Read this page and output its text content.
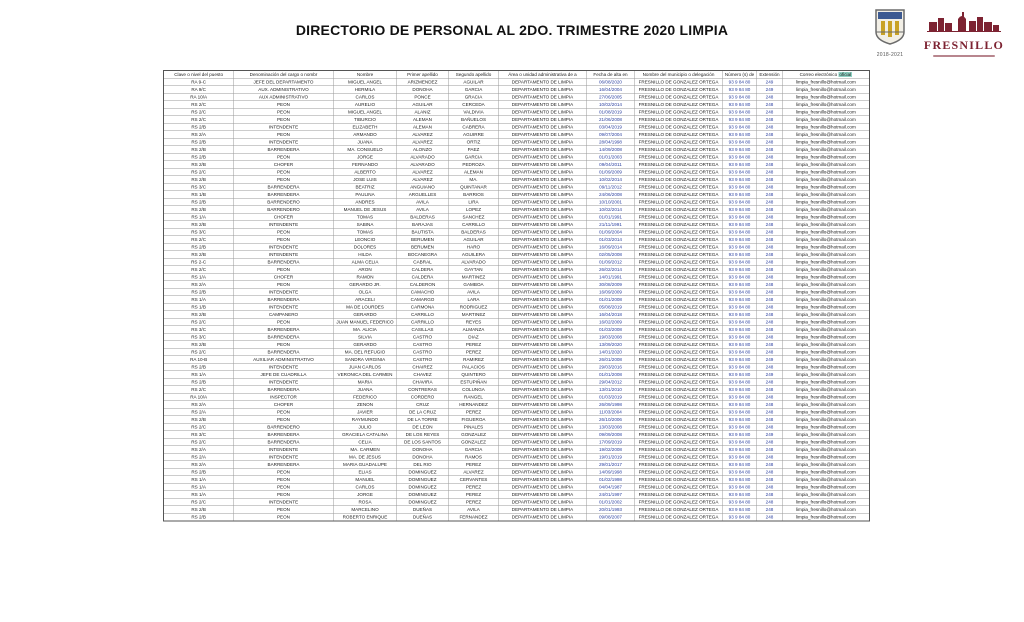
DIRECTORIO DE PERSONAL AL 2DO. TRIMESTRE 2020 LIMPIA
2018-2021
FRESNILLO
Clave o nivel del puesto	Denominación del cargo o nombr	Nombre	Primer apellido	Segundo apellido	Área o unidad administrativa de a	Fecha de alta en	Nombre del municipio o delegación	Número (s) de	Extensión	Correo electrónico oficial
RA 9-C	JEFE DEL DEPARTAMENTO	MIGUEL ANGEL	ARIZMENDEZ	AGUILAR	DEPARTAMENTO DE LIMPIA	06/08/2020	FRESNILLO DE GONZALEZ ORTEGA	93 9 84 80	249	limpia_fresnillo@hotmail.com
RA 9/C	AUX. ADMINISTRATIVO	HERMILA	DONOHA	GARCIA	DEPARTAMENTO DE LIMPIA	16/04/2004	FRESNILLO DE GONZALEZ ORTEGA	93 9 84 80	249	limpia_fresnillo@hotmail.com
RA 10/A	AUX ADMINISTRATIVO	CARLOS	PONCE	GRACIA	DEPARTAMENTO DE LIMPIA	27/06/2005	FRESNILLO DE GONZALEZ ORTEGA	93 9 84 80	248	limpia_fresnillo@hotmail.com
RS 2/C	PEON	AURELIO	AGUILAR	CERCEDA	DEPARTAMENTO DE LIMPIA	10/02/2014	FRESNILLO DE GONZALEZ ORTEGA	93 9 84 80	248	limpia_fresnillo@hotmail.com
RS 2/C	PEON	MIGUEL ANGEL	ALANIZ	VALDIVIA	DEPARTAMENTO DE LIMPIA	01/08/2019	FRESNILLO DE GONZALEZ ORTEGA	93 9 84 80	248	limpia_fresnillo@hotmail.com
RS 2/C	PEON	TIBURCIO	ALEMAN	BAÑUELOS	DEPARTAMENTO DE LIMPIA	21/06/2008	FRESNILLO DE GONZALEZ ORTEGA	93 9 84 80	248	limpia_fresnillo@hotmail.com
RS 2/B	INTENDENTE	ELIZABETH	ALEMAN	CABRERA	DEPARTAMENTO DE LIMPIA	03/04/2019	FRESNILLO DE GONZALEZ ORTEGA	93 9 84 80	248	limpia_fresnillo@hotmail.com
RS 2/A	PEON	ARMANDO	ALVAREZ	AGUIRRE	DEPARTAMENTO DE LIMPIA	09/07/2004	FRESNILLO DE GONZALEZ ORTEGA	93 9 84 80	248	limpia_fresnillo@hotmail.com
RS 2/B	INTENDENTE	JUANA	ALVAREZ	ORTIZ	DEPARTAMENTO DE LIMPIA	28/04/1998	FRESNILLO DE GONZALEZ ORTEGA	93 9 84 80	248	limpia_fresnillo@hotmail.com
RS 2/B	BARRENDERA	MA. CONSUELO	ALONZO	PAEZ	DEPARTAMENTO DE LIMPIA	14/09/2008	FRESNILLO DE GONZALEZ ORTEGA	93 9 84 80	248	limpia_fresnillo@hotmail.com
RS 2/B	PEON	JORGE	ALVARADO	GARCIA	DEPARTAMENTO DE LIMPIA	01/01/2003	FRESNILLO DE GONZALEZ ORTEGA	93 9 84 80	248	limpia_fresnillo@hotmail.com
RS 2/B	CHOFER	FERNANDO	ALVARADO	PEDROZA	DEPARTAMENTO DE LIMPIA	09/04/2011	FRESNILLO DE GONZALEZ ORTEGA	93 9 84 80	248	limpia_fresnillo@hotmail.com
RS 2/C	PEON	ALBERTO	ALVAREZ	ALEMAN	DEPARTAMENTO DE LIMPIA	01/09/2009	FRESNILLO DE GONZALEZ ORTEGA	93 9 84 80	248	limpia_fresnillo@hotmail.com
RS 2/B	PEON	JOSE LUIS	ALVAREZ	MA.	DEPARTAMENTO DE LIMPIA	10/02/2014	FRESNILLO DE GONZALEZ ORTEGA	93 9 84 80	248	limpia_fresnillo@hotmail.com
RS 3/C	BARRENDERA	BEATRIZ	ANGUIANO	QUINTANAR	DEPARTAMENTO DE LIMPIA	09/11/2012	FRESNILLO DE GONZALEZ ORTEGA	93 9 84 80	248	limpia_fresnillo@hotmail.com
RS 1/B	BARRENDERA	PAULINA	ARGUELLES	BARRIOS	DEPARTAMENTO DE LIMPIA	24/06/2008	FRESNILLO DE GONZALEZ ORTEGA	93 9 84 80	248	limpia_fresnillo@hotmail.com
RS 2/B	BARRENDERO	ANDRES	AVILA	LIRA	DEPARTAMENTO DE LIMPIA	10/10/2001	FRESNILLO DE GONZALEZ ORTEGA	93 9 84 80	248	limpia_fresnillo@hotmail.com
RS 2/B	BARRENDERO	MANUEL DE JESUS	AVILA	LOPEZ	DEPARTAMENTO DE LIMPIA	10/02/2014	FRESNILLO DE GONZALEZ ORTEGA	93 9 84 80	248	limpia_fresnillo@hotmail.com
RS 1/A	CHOFER	TOMAS	BALDERAS	SANCHEZ	DEPARTAMENTO DE LIMPIA	01/01/1991	FRESNILLO DE GONZALEZ ORTEGA	93 9 84 80	248	limpia_fresnillo@hotmail.com
RS 2/B	INTENDENTE	SABINA	BARAJAS	CARRILLO	DEPARTAMENTO DE LIMPIA	21/11/1991	FRESNILLO DE GONZALEZ ORTEGA	93 9 84 80	248	limpia_fresnillo@hotmail.com
RS 3/C	PEON	TOMAS	BAUTISTA	BALDERAS	DEPARTAMENTO DE LIMPIA	01/09/2004	FRESNILLO DE GONZALEZ ORTEGA	93 9 84 80	248	limpia_fresnillo@hotmail.com
RS 2/C	PEON	LEONCIO	BERUMEN	AGUILAR	DEPARTAMENTO DE LIMPIA	01/03/2014	FRESNILLO DE GONZALEZ ORTEGA	93 9 84 80	248	limpia_fresnillo@hotmail.com
RS 2/B	INTENDENTE	DOLORES	BERUMEN	HARO	DEPARTAMENTO DE LIMPIA	16/09/2014	FRESNILLO DE GONZALEZ ORTEGA	93 9 84 80	248	limpia_fresnillo@hotmail.com
RS 2/B	INTENDENTE	HILDA	BOCANEGRA	AGUILERA	DEPARTAMENTO DE LIMPIA	02/05/2008	FRESNILLO DE GONZALEZ ORTEGA	93 9 84 80	248	limpia_fresnillo@hotmail.com
RS 2-C	BARRENDERA	ALMA CELIA	CABRAL	ALVARADO	DEPARTAMENTO DE LIMPIA	01/09/2012	FRESNILLO DE GONZALEZ ORTEGA	93 9 84 80	248	limpia_fresnillo@hotmail.com
RS 2/C	PEON	ARON	CALDERA	GAYTAN	DEPARTAMENTO DE LIMPIA	26/02/2014	FRESNILLO DE GONZALEZ ORTEGA	93 9 84 80	248	limpia_fresnillo@hotmail.com
RS 1/A	CHOFER	RAMON	CALDERA	MARTINEZ	DEPARTAMENTO DE LIMPIA	14/01/1991	FRESNILLO DE GONZALEZ ORTEGA	93 9 84 80	248	limpia_fresnillo@hotmail.com
RS 2/A	PEON	GERARDO JR.	CALDERON	GAMBOA	DEPARTAMENTO DE LIMPIA	30/08/2009	FRESNILLO DE GONZALEZ ORTEGA	93 9 84 80	248	limpia_fresnillo@hotmail.com
RS 2/B	INTENDENTE	OLGA	CAMACHO	AVILA	DEPARTAMENTO DE LIMPIA	16/09/2009	FRESNILLO DE GONZALEZ ORTEGA	93 9 84 80	248	limpia_fresnillo@hotmail.com
RS 1/A	BARRENDERA	ARACELI	CAMARGO	LARA	DEPARTAMENTO DE LIMPIA	01/01/2008	FRESNILLO DE GONZALEZ ORTEGA	93 9 84 80	248	limpia_fresnillo@hotmail.com
RS 1/B	INTENDENTE	MA DE LOURDES	CARMONA	RODRIGUEZ	DEPARTAMENTO DE LIMPIA	05/08/2019	FRESNILLO DE GONZALEZ ORTEGA	93 9 84 80	248	limpia_fresnillo@hotmail.com
RS 2/B	CAMPANERO	GERARDO	CARRILLO	MARTINEZ	DEPARTAMENTO DE LIMPIA	16/04/2018	FRESNILLO DE GONZALEZ ORTEGA	93 9 84 80	248	limpia_fresnillo@hotmail.com
RS 2/C	PEON	JUAN MANUEL FEDERICO	CARRILLO	REYES	DEPARTAMENTO DE LIMPIA	16/02/2009	FRESNILLO DE GONZALEZ ORTEGA	93 9 84 80	248	limpia_fresnillo@hotmail.com
RS 3/C	BARRENDERA	MA. ALICIA	CASILLAS	ALMANZA	DEPARTAMENTO DE LIMPIA	01/03/2008	FRESNILLO DE GONZALEZ ORTEGA	93 9 84 80	248	limpia_fresnillo@hotmail.com
RS 3/C	BARRENDERA	SILVIA	CASTRO	DIAZ	DEPARTAMENTO DE LIMPIA	19/03/2008	FRESNILLO DE GONZALEZ ORTEGA	93 9 84 80	248	limpia_fresnillo@hotmail.com
RS 2/B	PEON	GERARDO	CASTRO	PEREZ	DEPARTAMENTO DE LIMPIA	13/09/2020	FRESNILLO DE GONZALEZ ORTEGA	93 9 84 80	248	limpia_fresnillo@hotmail.com
RS 2/C	BARRENDERA	MA. DEL REFUGIO	CASTRO	PEREZ	DEPARTAMENTO DE LIMPIA	14/01/2020	FRESNILLO DE GONZALEZ ORTEGA	93 9 84 80	248	limpia_fresnillo@hotmail.com
RA 10-B	AUXILIAR ADMINISTRATIVO	SANDRA VIRGINIA	CASTRO	RAMIREZ	DEPARTAMENTO DE LIMPIA	26/01/2008	FRESNILLO DE GONZALEZ ORTEGA	93 9 84 80	249	limpia_fresnillo@hotmail.com
RS 2/B	INTENDENTE	JUAN CARLOS	CHAIREZ	PALACIOS	DEPARTAMENTO DE LIMPIA	29/03/2016	FRESNILLO DE GONZALEZ ORTEGA	93 9 84 80	248	limpia_fresnillo@hotmail.com
RS 1/A	JEFE DE CUADRILLA	VERONICA DEL CARMEN	CHAVEZ	QUINTERO	DEPARTAMENTO DE LIMPIA	01/01/2008	FRESNILLO DE GONZALEZ ORTEGA	93 9 84 80	249	limpia_fresnillo@hotmail.com
RS 2/B	INTENDENTE	MARIA	CHAVIRA	ESTUPIÑAN	DEPARTAMENTO DE LIMPIA	29/04/2012	FRESNILLO DE GONZALEZ ORTEGA	93 9 84 80	248	limpia_fresnillo@hotmail.com
RS 2/C	BARRENDERA	JUANA	CONTRERAS	COLUNGA	DEPARTAMENTO DE LIMPIA	13/01/2010	FRESNILLO DE GONZALEZ ORTEGA	93 9 84 80	248	limpia_fresnillo@hotmail.com
RA 10/A	INSPECTOR	FEDERICO	CORDERO	RANGEL	DEPARTAMENTO DE LIMPIA	01/03/2019	FRESNILLO DE GONZALEZ ORTEGA	93 9 84 80	248	limpia_fresnillo@hotmail.com
RS 2/A	CHOFER	ZENON	CRUZ	HERNANDEZ	DEPARTAMENTO DE LIMPIA	26/09/1998	FRESNILLO DE GONZALEZ ORTEGA	93 9 84 80	248	limpia_fresnillo@hotmail.com
RS 2/A	PEON	JAVIER	DE LA CRUZ	PEREZ	DEPARTAMENTO DE LIMPIA	11/03/2004	FRESNILLO DE GONZALEZ ORTEGA	93 9 84 80	248	limpia_fresnillo@hotmail.com
RS 2/B	PEON	RAYMUNDO	DE LA TORRE	FIGUEROA	DEPARTAMENTO DE LIMPIA	26/10/2006	FRESNILLO DE GONZALEZ ORTEGA	93 9 84 80	248	limpia_fresnillo@hotmail.com
RS 2/C	BARRENDERO	JULIO	DE LEON	PINALES	DEPARTAMENTO DE LIMPIA	13/03/2008	FRESNILLO DE GONZALEZ ORTEGA	93 9 84 80	248	limpia_fresnillo@hotmail.com
RS 3/C	BARRENDERA	GRACIELA CATALINA	DE LOS REYES	GONZALEZ	DEPARTAMENTO DE LIMPIA	09/09/2008	FRESNILLO DE GONZALEZ ORTEGA	93 9 84 80	249	limpia_fresnillo@hotmail.com
RS 2/C	BARRENDERA	CELIA	DE LOS SANTOS	GONZALEZ	DEPARTAMENTO DE LIMPIA	17/09/2019	FRESNILLO DE GONZALEZ ORTEGA	93 9 84 80	248	limpia_fresnillo@hotmail.com
RS 2/A	INTENDENTE	MA. CARMEN	DONOHA	GARCIA	DEPARTAMENTO DE LIMPIA	19/02/2008	FRESNILLO DE GONZALEZ ORTEGA	93 9 84 80	248	limpia_fresnillo@hotmail.com
RS 2/A	INTENDENTE	MA. DE JESUS	DONOHA	RAMOS	DEPARTAMENTO DE LIMPIA	19/01/2019	FRESNILLO DE GONZALEZ ORTEGA	93 9 84 80	248	limpia_fresnillo@hotmail.com
RS 2/A	BARRENDERA	MARIA GUADALUPE	DEL RIO	PEREZ	DEPARTAMENTO DE LIMPIA	29/01/2017	FRESNILLO DE GONZALEZ ORTEGA	93 9 84 80	248	limpia_fresnillo@hotmail.com
RS 2/B	PEON	ELIAS	DOMINGUEZ	ALVAREZ	DEPARTAMENTO DE LIMPIA	14/09/1998	FRESNILLO DE GONZALEZ ORTEGA	93 9 84 80	248	limpia_fresnillo@hotmail.com
RS 1/A	PEON	MANUEL	DOMINGUEZ	CERVANTES	DEPARTAMENTO DE LIMPIA	01/02/1998	FRESNILLO DE GONZALEZ ORTEGA	93 9 84 80	248	limpia_fresnillo@hotmail.com
RS 1/A	PEON	CARLOS	DOMINGUEZ	PEREZ	DEPARTAMENTO DE LIMPIA	04/04/1987	FRESNILLO DE GONZALEZ ORTEGA	93 9 84 80	248	limpia_fresnillo@hotmail.com
RS 1/A	PEON	JORGE	DOMINGUEZ	PEREZ	DEPARTAMENTO DE LIMPIA	24/01/1997	FRESNILLO DE GONZALEZ ORTEGA	93 9 84 80	248	limpia_fresnillo@hotmail.com
RS 2/C	INTENDENTE	ROSA	DOMINGUEZ	PEREZ	DEPARTAMENTO DE LIMPIA	01/01/2002	FRESNILLO DE GONZALEZ ORTEGA	93 9 84 80	248	limpia_fresnillo@hotmail.com
RS 2/B	PEON	MARCELINO	DUEÑAS	AVILA	DEPARTAMENTO DE LIMPIA	20/01/1993	FRESNILLO DE GONZALEZ ORTEGA	93 9 84 80	248	limpia_fresnillo@hotmail.com
RS 2/B	PEON	ROBERTO ENRIQUE	DUEÑAS	FERNANDEZ	DEPARTAMENTO DE LIMPIA	09/08/2007	FRESNILLO DE GONZALEZ ORTEGA	93 9 84 80	248	limpia_fresnillo@hotmail.com
